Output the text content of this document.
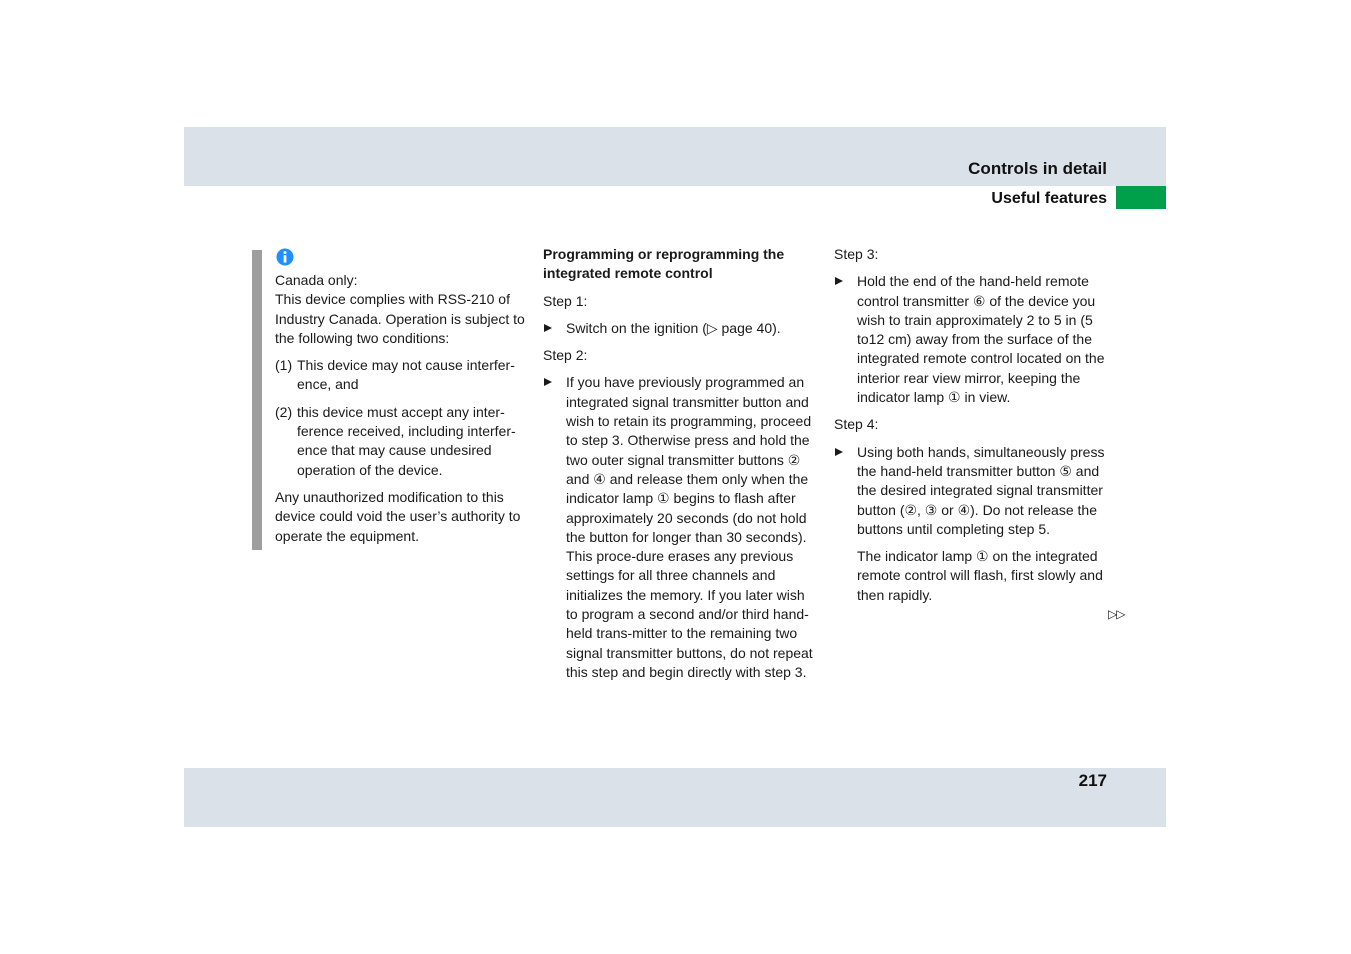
Controls in detail
Useful features

Canada only:
This device complies with RSS-210 of Industry Canada. Operation is subject to the following two conditions:

(1) This device may not cause interfer-ence, and
(2) this device must accept any inter-ference received, including interfer-ence that may cause undesired operation of the device.

Any unauthorized modification to this device could void the user’s authority to operate the equipment.

Programming or reprogramming the integrated remote control

Step 1:

Switch on the ignition (▷ page 40).

Step 2:

If you have previously programmed an integrated signal transmitter button and wish to retain its programming, proceed to step 3. Otherwise press and hold the two outer signal transmitter buttons ② and ④ and release them only when the indicator lamp ① begins to flash after approximately 20 seconds (do not hold the button for longer than 30 seconds). This proce-dure erases any previous settings for all three channels and initializes the memory. If you later wish to program a second and/or third hand-held trans-mitter to the remaining two signal transmitter buttons, do not repeat this step and begin directly with step 3.

Step 3:

Hold the end of the hand-held remote control transmitter ⑥ of the device you wish to train approximately 2 to 5 in (5 to12 cm) away from the surface of the integrated remote control located on the interior rear view mirror, keeping the indicator lamp ① in view.

Step 4:

Using both hands, simultaneously press the hand-held transmitter button ⑤ and the desired integrated signal transmitter button (②, ③ or ④). Do not release the buttons until completing step 5.

The indicator lamp ① on the integrated remote control will flash, first slowly and then rapidly.

▷▷
217
